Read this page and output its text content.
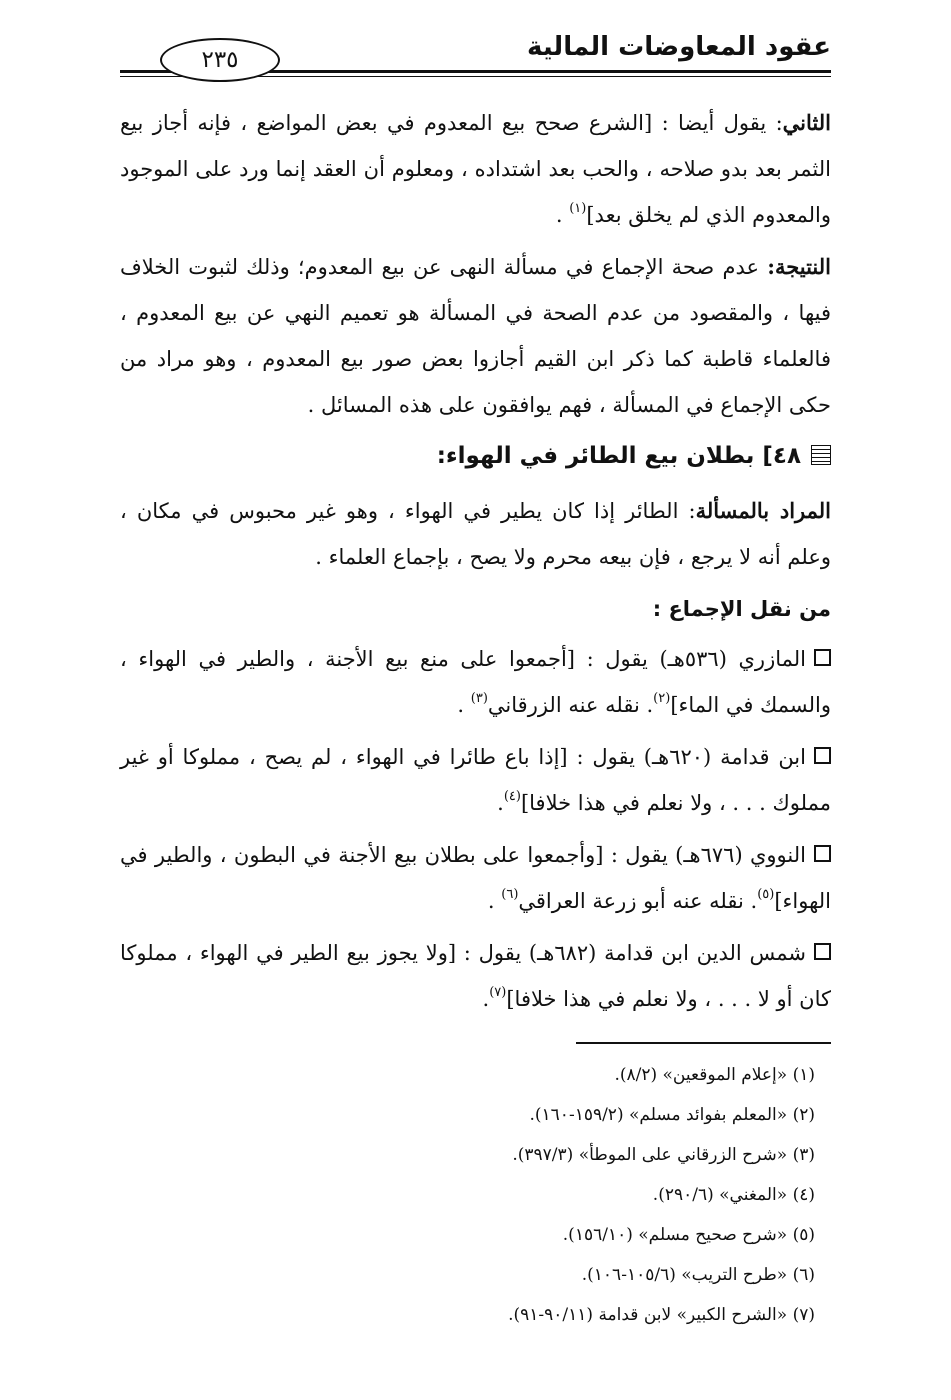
عقود المعاوضات المالية
٢٣٥

الثاني: يقول أيضا : [الشرع صحح بيع المعدوم في بعض المواضع ، فإنه أجاز بيع الثمر بعد بدو صلاحه ، والحب بعد اشتداده ، ومعلوم أن العقد إنما ورد على الموجود والمعدوم الذي لم يخلق بعد]$^{(١)}$ .

النتيجة: عدم صحة الإجماع في مسألة النهى عن بيع المعدوم؛ وذلك لثبوت الخلاف فيها ، والمقصود من عدم الصحة في المسألة هو تعميم النهي عن بيع المعدوم ، فالعلماء قاطبة كما ذكر ابن القيم أجازوا بعض صور بيع المعدوم ، وهو مراد من حكى الإجماع في المسألة ، فهم يوافقون على هذه المسائل .

٤٨] بطلان بيع الطائر في الهواء:

المراد بالمسألة: الطائر إذا كان يطير في الهواء ، وهو غير محبوس في مكان ، وعلم أنه لا يرجع ، فإن بيعه محرم ولا يصح ، بإجماع العلماء .

من نقل الإجماع :

المازري (٥٣٦هـ) يقول : [أجمعوا على منع بيع الأجنة ، والطير في الهواء ، والسمك في الماء]$^{(٢)}$. نقله عنه الزرقاني$^{(٣)}$ .

ابن قدامة (٦٢٠هـ) يقول : [إذا باع طائرا في الهواء ، لم يصح ، مملوكا أو غير مملوك . . . ، ولا نعلم في هذا خلافا]$^{(٤)}$.

النووي (٦٧٦هـ) يقول : [وأجمعوا على بطلان بيع الأجنة في البطون ، والطير في الهواء]$^{(٥)}$. نقله عنه أبو زرعة العراقي$^{(٦)}$ .

شمس الدين ابن قدامة (٦٨٢هـ) يقول : [ولا يجوز بيع الطير في الهواء ، مملوكا كان أو لا . . . ، ولا نعلم في هذا خلافا]$^{(٧)}$.

(١) «إعلام الموقعين» (٨/٢).
(٢) «المعلم بفوائد مسلم» (١٥٩/٢-١٦٠).
(٣) «شرح الزرقاني على الموطأ» (٣٩٧/٣).
(٤) «المغني» (٢٩٠/٦).
(٥) «شرح صحيح مسلم» (١٥٦/١٠).
(٦) «طرح التريب» (١٠٥/٦-١٠٦).
(٧) «الشرح الكبير» لابن قدامة (٩٠/١١-٩١).
